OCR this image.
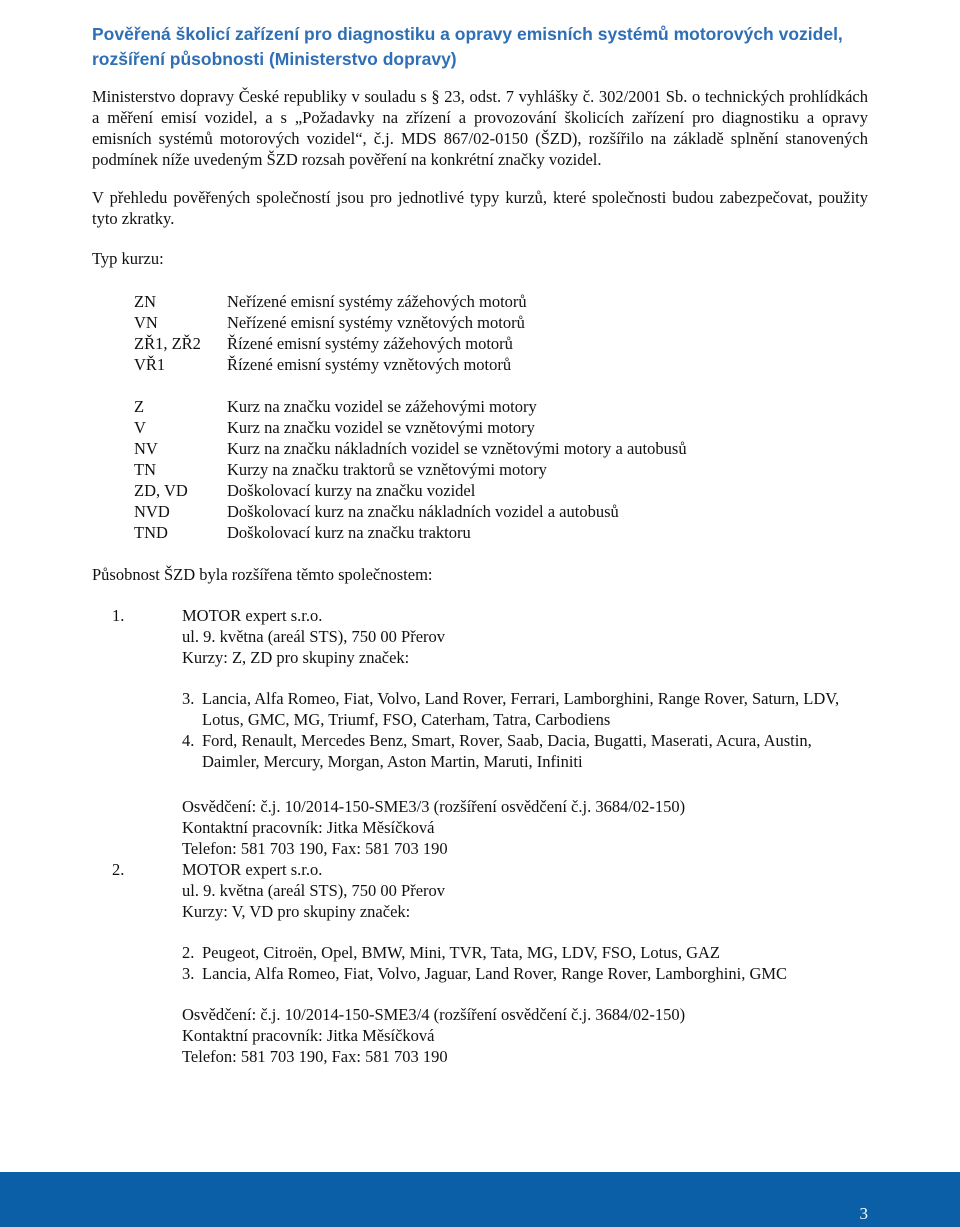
Pověřená školicí zařízení pro diagnostiku a opravy emisních systémů motorových vozidel,
rozšíření působnosti (Ministerstvo dopravy)

Ministerstvo dopravy České republiky v souladu s § 23, odst. 7 vyhlášky č. 302/2001 Sb. o technických prohlídkách a měření emisí vozidel, a s „Požadavky na zřízení a provozování školicích zařízení pro diagnostiku a opravy emisních systémů motorových vozidel“, č.j. MDS 867/02-0150 (ŠZD), rozšířilo na základě splnění stanovených podmínek níže uvedeným ŠZD rozsah pověření na konkrétní značky vozidel.

V přehledu pověřených společností jsou pro jednotlivé typy kurzů, které společnosti budou zabezpečovat, použity tyto zkratky.

Typ kurzu:

ZN	Neřízené emisní systémy zážehových motorů
VN	Neřízené emisní systémy vznětových motorů
ZŘ1, ZŘ2	Řízené emisní systémy zážehových motorů
VŘ1	Řízené emisní systémy vznětových motorů
Z	Kurz na značku vozidel se zážehovými motory
V	Kurz na značku vozidel se vznětovými motory
NV	Kurz na značku nákladních vozidel se vznětovými motory a autobusů
TN	Kurzy na značku traktorů se vznětovými motory
ZD, VD	Doškolovací kurzy na značku vozidel
NVD	Doškolovací kurz na značku nákladních vozidel a autobusů
TND	Doškolovací kurz na značku traktoru

Působnost ŠZD byla rozšířena těmto společnostem:

1.	MOTOR expert s.r.o.
ul. 9. května (areál STS), 750 00 Přerov
Kurzy: Z, ZD pro skupiny značek:
3. Lancia, Alfa Romeo, Fiat, Volvo, Land Rover, Ferrari, Lamborghini, Range Rover, Saturn, LDV, Lotus, GMC, MG, Triumf, FSO, Caterham, Tatra, Carbodiens
4. Ford, Renault, Mercedes Benz, Smart, Rover, Saab, Dacia, Bugatti, Maserati, Acura, Austin, Daimler, Mercury, Morgan, Aston Martin, Maruti, Infiniti
Osvědčení: č.j. 10/2014-150-SME3/3 (rozšíření osvědčení č.j. 3684/02-150)
Kontaktní pracovník: Jitka Měsíčková
Telefon: 581 703 190, Fax: 581 703 190
2.	MOTOR expert s.r.o.
ul. 9. května (areál STS), 750 00 Přerov
Kurzy: V, VD pro skupiny značek:
2. Peugeot, Citroën, Opel, BMW, Mini, TVR, Tata, MG, LDV, FSO, Lotus, GAZ
3. Lancia, Alfa Romeo, Fiat, Volvo, Jaguar, Land Rover, Range Rover, Lamborghini, GMC
Osvědčení: č.j. 10/2014-150-SME3/4 (rozšíření osvědčení č.j. 3684/02-150)
Kontaktní pracovník: Jitka Měsíčková
Telefon: 581 703 190, Fax: 581 703 190
3
